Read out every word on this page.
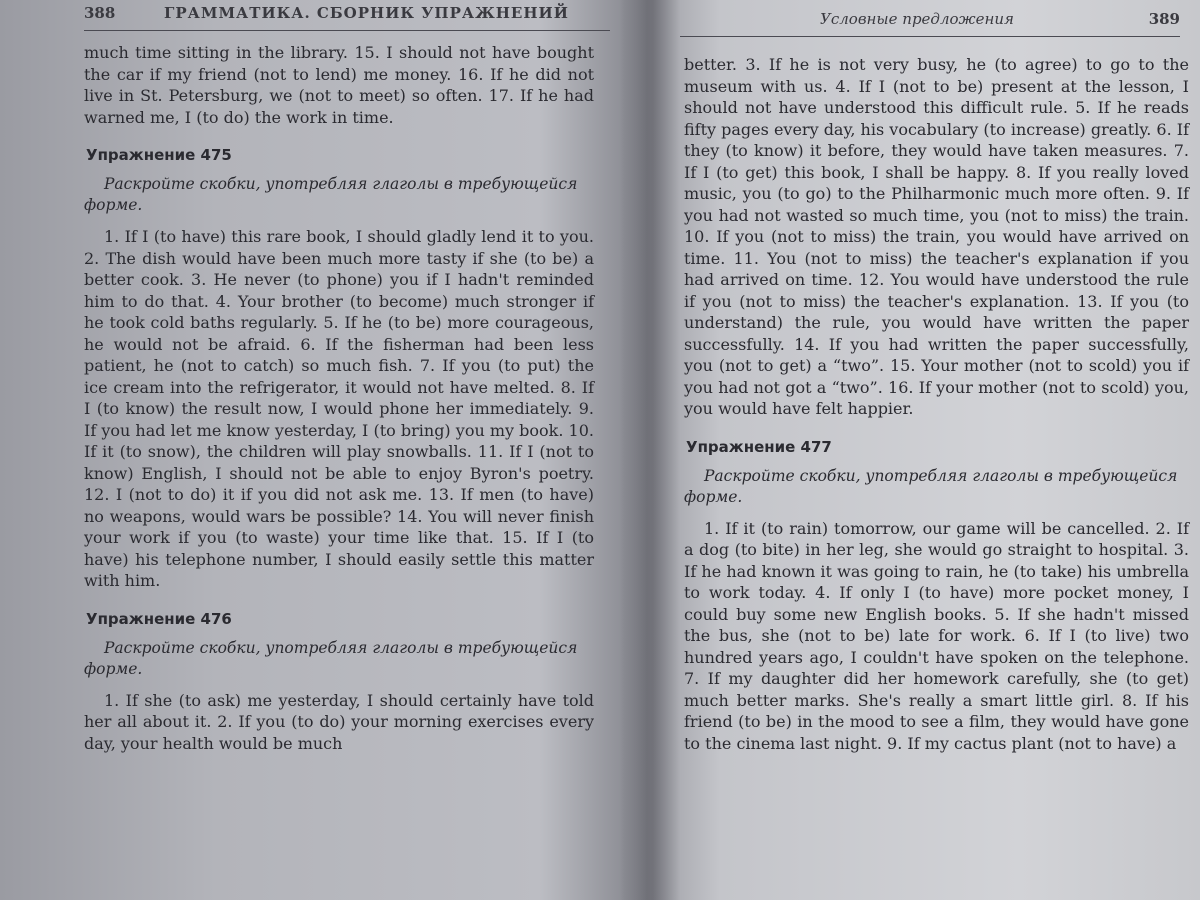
388	ГРАММАТИКА. СБОРНИК УПРАЖНЕНИЙ

much time sitting in the library. 15. I should not have bought the car if my friend (not to lend) me money. 16. If he did not live in St. Petersburg, we (not to meet) so often. 17. If he had warned me, I (to do) the work in time.

Упражнение 475

Раскройте скобки, употребляя глаголы в требующейся форме.

1. If I (to have) this rare book, I should gladly lend it to you. 2. The dish would have been much more tasty if she (to be) a better cook. 3. He never (to phone) you if I hadn't reminded him to do that. 4. Your brother (to become) much stronger if he took cold baths regularly. 5. If he (to be) more courageous, he would not be afraid. 6. If the fisherman had been less patient, he (not to catch) so much fish. 7. If you (to put) the ice cream into the refrigerator, it would not have melted. 8. If I (to know) the result now, I would phone her immediately. 9. If you had let me know yesterday, I (to bring) you my book. 10. If it (to snow), the children will play snowballs. 11. If I (not to know) English, I should not be able to enjoy Byron's poetry. 12. I (not to do) it if you did not ask me. 13. If men (to have) no weapons, would wars be possible? 14. You will never finish your work if you (to waste) your time like that. 15. If I (to have) his telephone number, I should easily settle this matter with him.

Упражнение 476

Раскройте скобки, употребляя глаголы в требующейся форме.

1. If she (to ask) me yesterday, I should certainly have told her all about it. 2. If you (to do) your morning exercises every day, your health would be much

Условные предложения	389

better. 3. If he is not very busy, he (to agree) to go to the museum with us. 4. If I (not to be) present at the lesson, I should not have understood this difficult rule. 5. If he reads fifty pages every day, his vocabulary (to increase) greatly. 6. If they (to know) it before, they would have taken measures. 7. If I (to get) this book, I shall be happy. 8. If you really loved music, you (to go) to the Philharmonic much more often. 9. If you had not wasted so much time, you (not to miss) the train. 10. If you (not to miss) the train, you would have arrived on time. 11. You (not to miss) the teacher's explanation if you had arrived on time. 12. You would have understood the rule if you (not to miss) the teacher's explanation. 13. If you (to understand) the rule, you would have written the paper successfully. 14. If you had written the paper successfully, you (not to get) a “two”. 15. Your mother (not to scold) you if you had not got a “two”. 16. If your mother (not to scold) you, you would have felt happier.

Упражнение 477

Раскройте скобки, употребляя глаголы в требующейся форме.

1. If it (to rain) tomorrow, our game will be cancelled. 2. If a dog (to bite) in her leg, she would go straight to hospital. 3. If he had known it was going to rain, he (to take) his umbrella to work today. 4. If only I (to have) more pocket money, I could buy some new English books. 5. If she hadn't missed the bus, she (not to be) late for work. 6. If I (to live) two hundred years ago, I couldn't have spoken on the telephone. 7. If my daughter did her homework carefully, she (to get) much better marks. She's really a smart little girl. 8. If his friend (to be) in the mood to see a film, they would have gone to the cinema last night. 9. If my cactus plant (not to have) a
